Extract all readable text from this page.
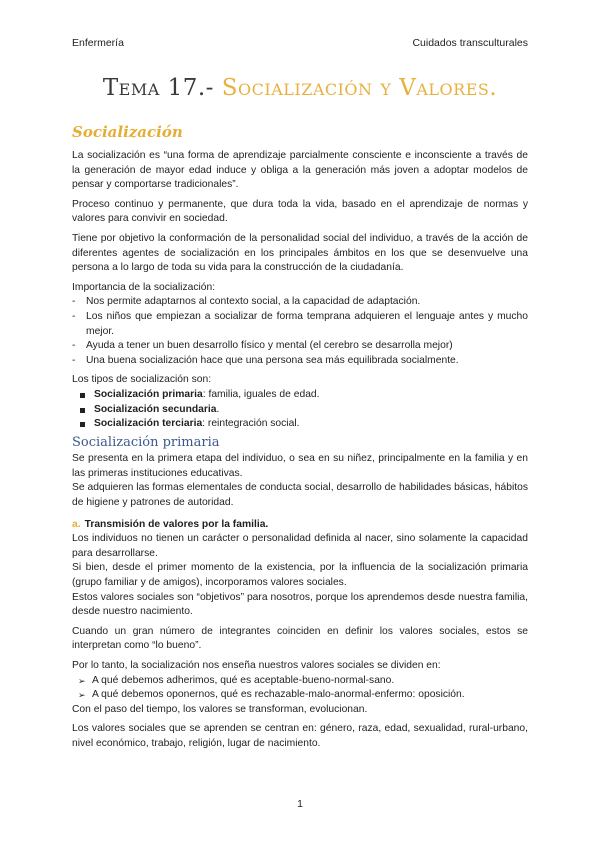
Enfermería	Cuidados transculturales
Tema 17.- Socialización y Valores.
Socialización

La socialización es “una forma de aprendizaje parcialmente consciente e inconsciente a través de la generación de mayor edad induce y obliga a la generación más joven a adoptar modelos de pensar y comportarse tradicionales”.

Proceso continuo y permanente, que dura toda la vida, basado en el aprendizaje de normas y valores para convivir en sociedad.

Tiene por objetivo la conformación de la personalidad social del individuo, a través de la acción de diferentes agentes de socialización en los principales ámbitos en los que se desenvuelve una persona a lo largo de toda su vida para la construcción de la ciudadanía.

Importancia de la socialización:

- Nos permite adaptarnos al contexto social, a la capacidad de adaptación.
- Los niños que empiezan a socializar de forma temprana adquieren el lenguaje antes y mucho mejor.
- Ayuda a tener un buen desarrollo físico y mental (el cerebro se desarrolla mejor)
- Una buena socialización hace que una persona sea más equilibrada socialmente.

Los tipos de socialización son:

Socialización primaria: familia, iguales de edad.
Socialización secundaria.
Socialización terciaria: reintegración social.
Socialización primaria

Se presenta en la primera etapa del individuo, o sea en su niñez, principalmente en la familia y en las primeras instituciones educativas.

Se adquieren las formas elementales de conducta social, desarrollo de habilidades básicas, hábitos de higiene y patrones de autoridad.

a. Transmisión de valores por la familia.

Los individuos no tienen un carácter o personalidad definida al nacer, sino solamente la capacidad para desarrollarse.

Si bien, desde el primer momento de la existencia, por la influencia de la socialización primaria (grupo familiar y de amigos), incorporamos valores sociales.

Estos valores sociales son “objetivos” para nosotros, porque los aprendemos desde nuestra familia, desde nuestro nacimiento.

Cuando un gran número de integrantes coinciden en definir los valores sociales, estos se interpretan como “lo bueno”.

Por lo tanto, la socialización nos enseña nuestros valores sociales se dividen en:

➢ A qué debemos adherimos, qué es aceptable-bueno-normal-sano.
➢ A qué debemos oponernos, qué es rechazable-malo-anormal-enfermo: oposición.

Con el paso del tiempo, los valores se transforman, evolucionan.

Los valores sociales que se aprenden se centran en: género, raza, edad, sexualidad, rural-urbano, nivel económico, trabajo, religión, lugar de nacimiento.

1
